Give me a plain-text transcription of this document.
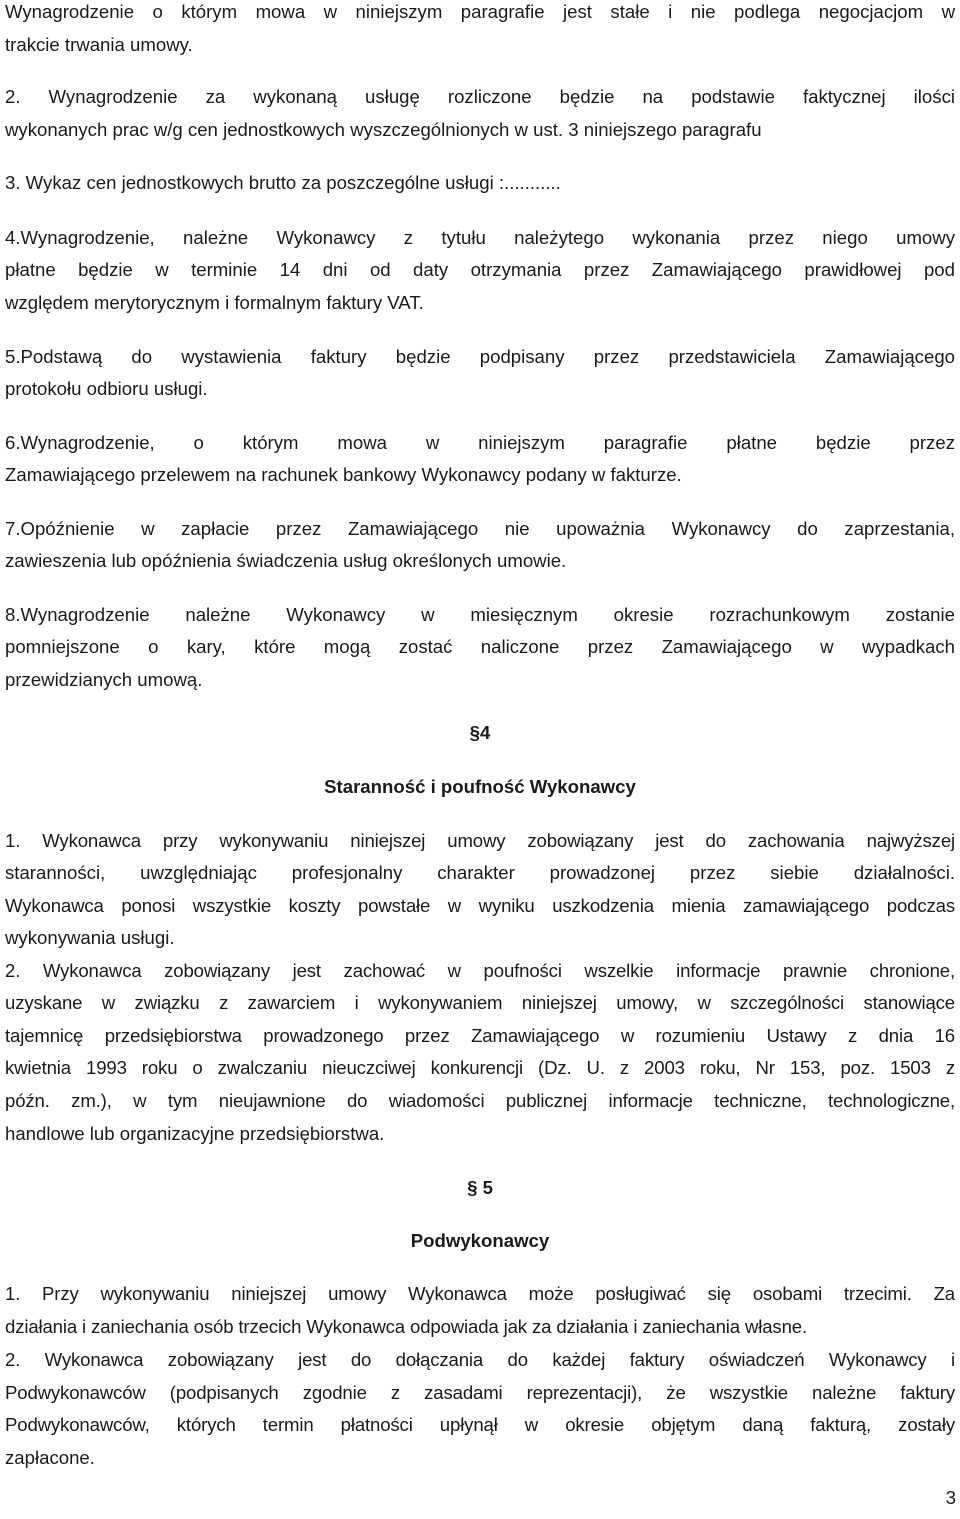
Wynagrodzenie o którym mowa w niniejszym paragrafie jest stałe i nie podlega negocjacjom w
trakcie trwania umowy.
2. Wynagrodzenie za wykonaną usługę rozliczone będzie na podstawie faktycznej ilości
wykonanych prac w/g cen jednostkowych wyszczególnionych w ust. 3 niniejszego paragrafu
3. Wykaz cen jednostkowych brutto za poszczególne usługi :...........
4.Wynagrodzenie, należne Wykonawcy z tytułu należytego wykonania przez niego umowy
płatne będzie w terminie 14 dni od daty otrzymania przez Zamawiającego prawidłowej pod
względem merytorycznym i formalnym faktury VAT.
5.Podstawą do wystawienia faktury będzie podpisany przez przedstawiciela Zamawiającego
protokołu odbioru usługi.
6.Wynagrodzenie, o którym mowa w niniejszym paragrafie płatne będzie przez
Zamawiającego przelewem na rachunek bankowy Wykonawcy podany w fakturze.
7.Opóźnienie w zapłacie przez Zamawiającego nie upoważnia Wykonawcy do zaprzestania,
zawieszenia lub opóźnienia świadczenia usług określonych umowie.
8.Wynagrodzenie należne Wykonawcy w miesięcznym okresie rozrachunkowym zostanie
pomniejszone o kary, które mogą zostać naliczone przez Zamawiającego w wypadkach
przewidzianych umową.
§4
Staranność i poufność Wykonawcy
1. Wykonawca przy wykonywaniu niniejszej umowy zobowiązany jest do zachowania najwyższej
staranności, uwzględniając profesjonalny charakter prowadzonej przez siebie działalności.
Wykonawca ponosi wszystkie koszty powstałe w wyniku uszkodzenia mienia zamawiającego podczas
wykonywania usługi.
2. Wykonawca zobowiązany jest zachować w poufności wszelkie informacje prawnie chronione,
uzyskane w związku z zawarciem i wykonywaniem niniejszej umowy, w szczególności stanowiące
tajemnicę przedsiębiorstwa prowadzonego przez Zamawiającego w rozumieniu Ustawy z dnia 16
kwietnia 1993 roku o zwalczaniu nieuczciwej konkurencji (Dz. U. z 2003 roku, Nr 153, poz. 1503 z
późn. zm.), w tym nieujawnione do wiadomości publicznej informacje techniczne, technologiczne,
handlowe lub organizacyjne przedsiębiorstwa.
§ 5
Podwykonawcy
1. Przy wykonywaniu niniejszej umowy Wykonawca może posługiwać się osobami trzecimi. Za
działania i zaniechania osób trzecich Wykonawca odpowiada jak za działania i zaniechania własne.
2. Wykonawca zobowiązany jest do dołączania do każdej faktury oświadczeń Wykonawcy i
Podwykonawców (podpisanych zgodnie z zasadami reprezentacji), że wszystkie należne faktury
Podwykonawców, których termin płatności upłynął w okresie objętym daną fakturą, zostały
zapłacone.
3
